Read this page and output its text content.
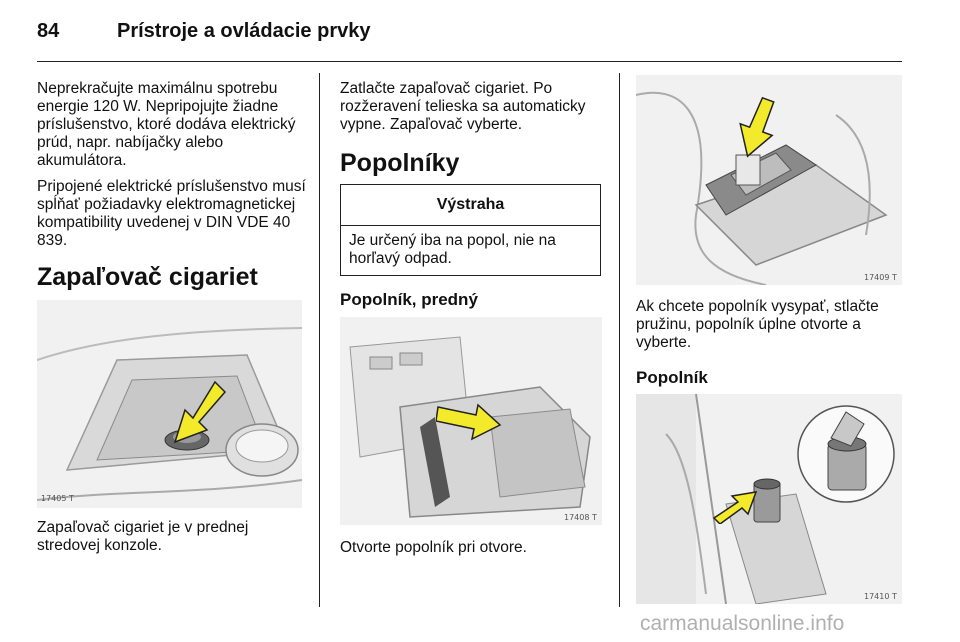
84	Prístroje a ovládacie prvky

Neprekračujte maximálnu spotrebu energie 120 W. Nepripojujte žiadne príslušenstvo, ktoré dodáva elektrický prúd, napr. nabíjačky alebo akumulátora.

Pripojené elektrické príslušenstvo musí spĺňať požiadavky elektromagnetickej kompatibility uvedenej v DIN VDE 40 839.

Zapaľovač cigariet
17405 T

Zapaľovač cigariet je v prednej stredovej konzole.

Zatlačte zapaľovač cigariet. Po rozžeravení telieska sa automaticky vypne. Zapaľovač vyberte.

Popolníky
Výstraha
Je určený iba na popol, nie na horľavý odpad.
Popolník, predný
17408 T

Otvorte popolník pri otvore.

17409 T

Ak chcete popolník vysypať, stlačte pružinu, popolník úplne otvorte a vyberte.

Popolník
17410 T
carmanualsonline.info
